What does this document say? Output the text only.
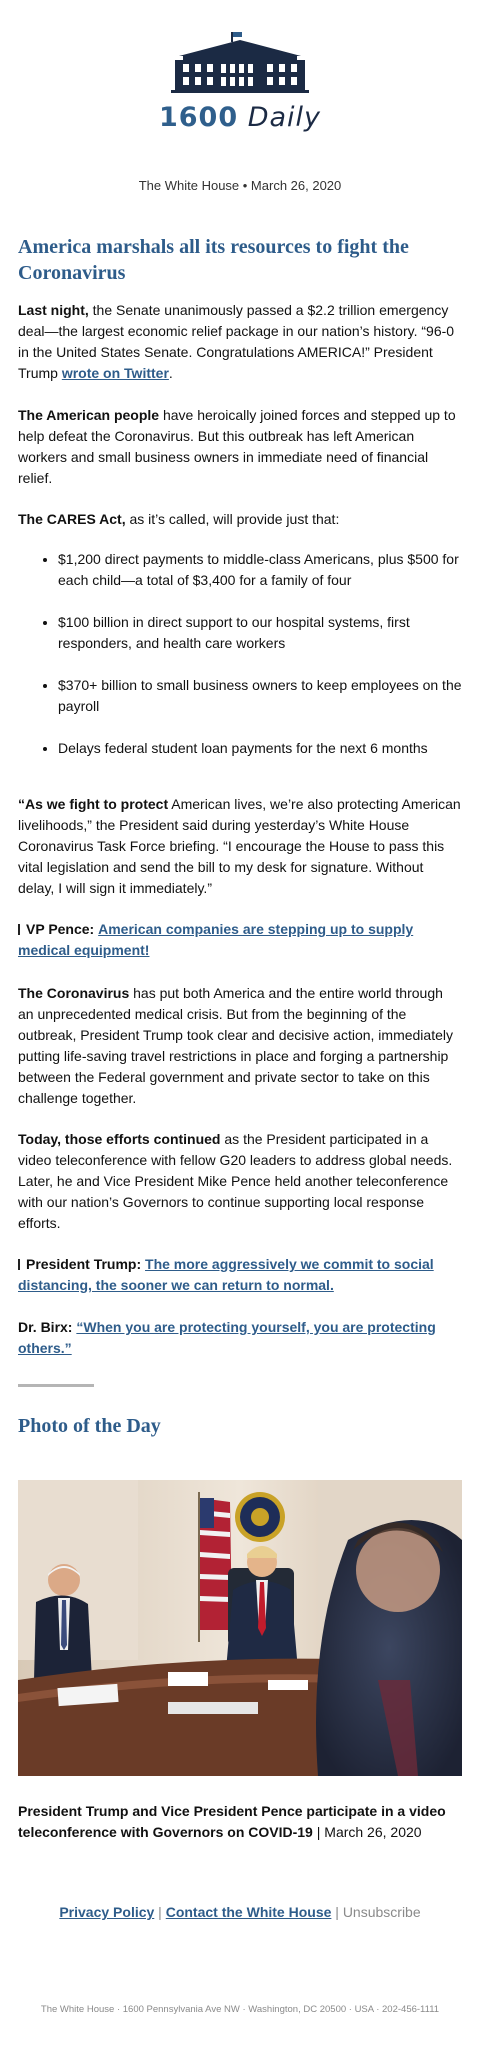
1600 Daily
The White House • March 26, 2020
America marshals all its resources to fight the Coronavirus

Last night, the Senate unanimously passed a $2.2 trillion emergency deal—the largest economic relief package in our nation’s history. “96-0 in the United States Senate. Congratulations AMERICA!” President Trump wrote on Twitter.

The American people have heroically joined forces and stepped up to help defeat the Coronavirus. But this outbreak has left American workers and small business owners in immediate need of financial relief.

The CARES Act, as it’s called, will provide just that:

• $1,200 direct payments to middle-class Americans, plus $500 for each child—a total of $3,400 for a family of four
• $100 billion in direct support to our hospital systems, first responders, and health care workers
• $370+ billion to small business owners to keep employees on the payroll
• Delays federal student loan payments for the next 6 months

“As we fight to protect American lives, we’re also protecting American livelihoods,” the President said during yesterday’s White House Coronavirus Task Force briefing. “I encourage the House to pass this vital legislation and send the bill to my desk for signature. Without delay, I will sign it immediately.”

VP Pence: American companies are stepping up to supply medical equipment!

The Coronavirus has put both America and the entire world through an unprecedented medical crisis. But from the beginning of the outbreak, President Trump took clear and decisive action, immediately putting life-saving travel restrictions in place and forging a partnership between the Federal government and private sector to take on this challenge together.

Today, those efforts continued as the President participated in a video teleconference with fellow G20 leaders to address global needs. Later, he and Vice President Mike Pence held another teleconference with our nation’s Governors to continue supporting local response efforts.

President Trump: The more aggressively we commit to social distancing, the sooner we can return to normal.

Dr. Birx: “When you are protecting yourself, you are protecting others.”

Photo of the Day
President Trump and Vice President Pence participate in a video teleconference with Governors on COVID-19 | March 26, 2020
Privacy Policy | Contact the White House | Unsubscribe
The White House · 1600 Pennsylvania Ave NW · Washington, DC 20500 · USA · 202-456-1111
